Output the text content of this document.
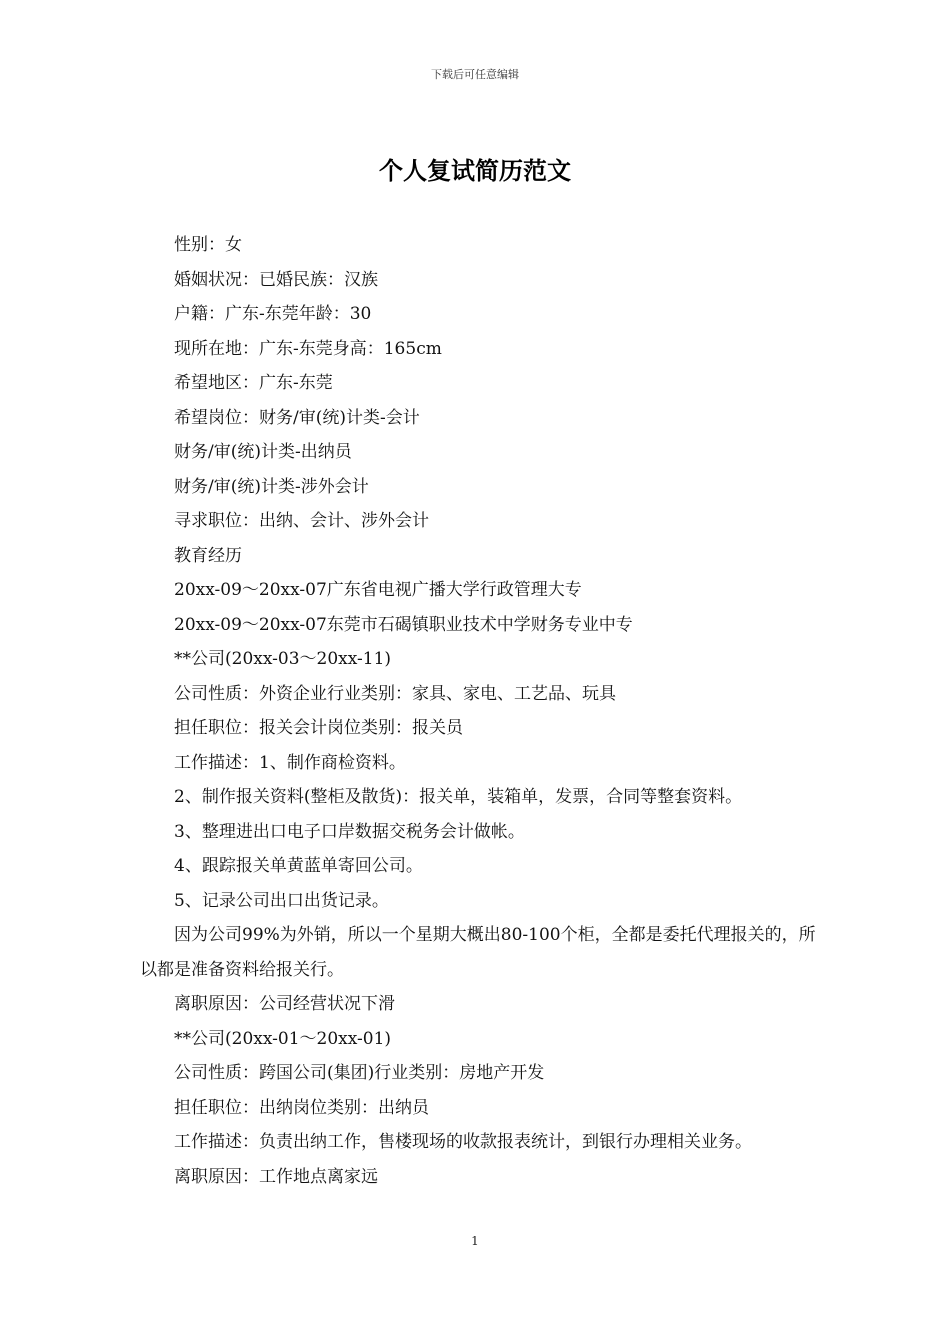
下载后可任意编辑
个人复试简历范文
性别：女
婚姻状况：已婚民族：汉族
户籍：广东-东莞年龄：30
现所在地：广东-东莞身高：165cm
希望地区：广东-东莞
希望岗位：财务/审(统)计类-会计
财务/审(统)计类-出纳员
财务/审(统)计类-涉外会计
寻求职位：出纳、会计、涉外会计
教育经历
20xx-09～20xx-07广东省电视广播大学行政管理大专
20xx-09～20xx-07东莞市石碣镇职业技术中学财务专业中专
**公司(20xx-03～20xx-11)
公司性质：外资企业行业类别：家具、家电、工艺品、玩具
担任职位：报关会计岗位类别：报关员
工作描述：1、制作商检资料。
2、制作报关资料(整柜及散货)：报关单，装箱单，发票，合同等整套资料。
3、整理进出口电子口岸数据交税务会计做帐。
4、跟踪报关单黄蓝单寄回公司。
5、记录公司出口出货记录。
因为公司99%为外销，所以一个星期大概出80-100个柜，全都是委托代理报关的，所以都是准备资料给报关行。
离职原因：公司经营状况下滑
**公司(20xx-01～20xx-01)
公司性质：跨国公司(集团)行业类别：房地产开发
担任职位：出纳岗位类别：出纳员
工作描述：负责出纳工作，售楼现场的收款报表统计，到银行办理相关业务。
离职原因：工作地点离家远
1
